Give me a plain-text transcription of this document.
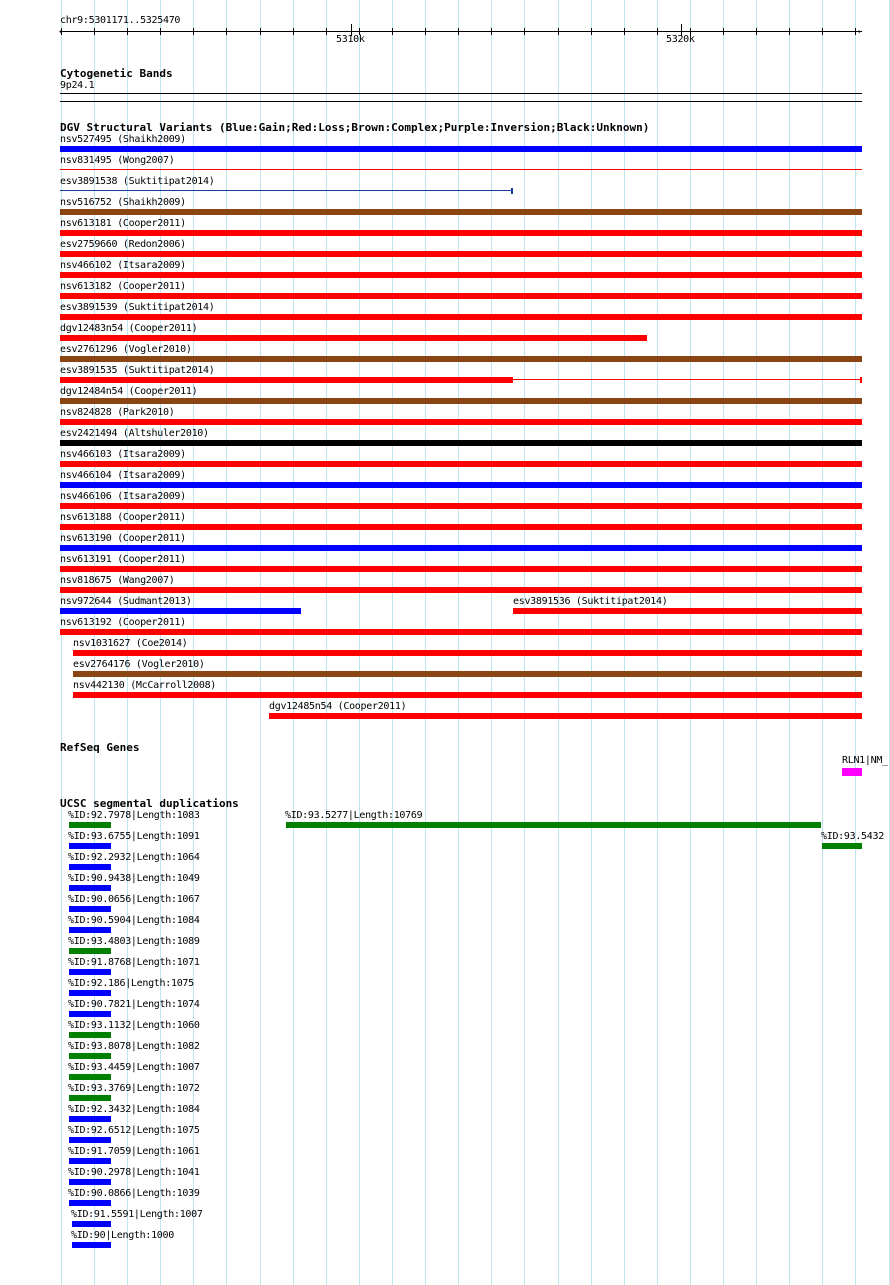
chr9:5301171..5325470
5310k	5320k
‹	›
Cytogenetic Bands
9p24.1
DGV Structural Variants (Blue:Gain;Red:Loss;Brown:Complex;Purple:Inversion;Black:Unknown)
nsv527495 (Shaikh2009)
nsv831495 (Wong2007)
esv3891538 (Suktitipat2014)
nsv516752 (Shaikh2009)
nsv613181 (Cooper2011)
esv2759660 (Redon2006)
nsv466102 (Itsara2009)
nsv613182 (Cooper2011)
esv3891539 (Suktitipat2014)
dgv12483n54 (Cooper2011)
esv2761296 (Vogler2010)
esv3891535 (Suktitipat2014)
dgv12484n54 (Cooper2011)
nsv824828 (Park2010)
esv2421494 (Altshuler2010)
nsv466103 (Itsara2009)
nsv466104 (Itsara2009)
nsv466106 (Itsara2009)
nsv613188 (Cooper2011)
nsv613190 (Cooper2011)
nsv613191 (Cooper2011)
nsv818675 (Wang2007)
nsv972644 (Sudmant2013)	esv3891536 (Suktitipat2014)
nsv613192 (Cooper2011)
nsv1031627 (Coe2014)
esv2764176 (Vogler2010)
nsv442130 (McCarroll2008)
dgv12485n54 (Cooper2011)
RefSeq Genes
RLN1|NM_
UCSC segmental duplications
%ID:92.7978|Length:1083	%ID:93.5277|Length:10769
%ID:93.6755|Length:1091	%ID:93.5432
%ID:92.2932|Length:1064
%ID:90.9438|Length:1049
%ID:90.0656|Length:1067
%ID:90.5904|Length:1084
%ID:93.4803|Length:1089
%ID:91.8768|Length:1071
%ID:92.186|Length:1075
%ID:90.7821|Length:1074
%ID:93.1132|Length:1060
%ID:93.8078|Length:1082
%ID:93.4459|Length:1007
%ID:93.3769|Length:1072
%ID:92.3432|Length:1084
%ID:92.6512|Length:1075
%ID:91.7059|Length:1061
%ID:90.2978|Length:1041
%ID:90.0866|Length:1039
%ID:91.5591|Length:1007
%ID:90|Length:1000
